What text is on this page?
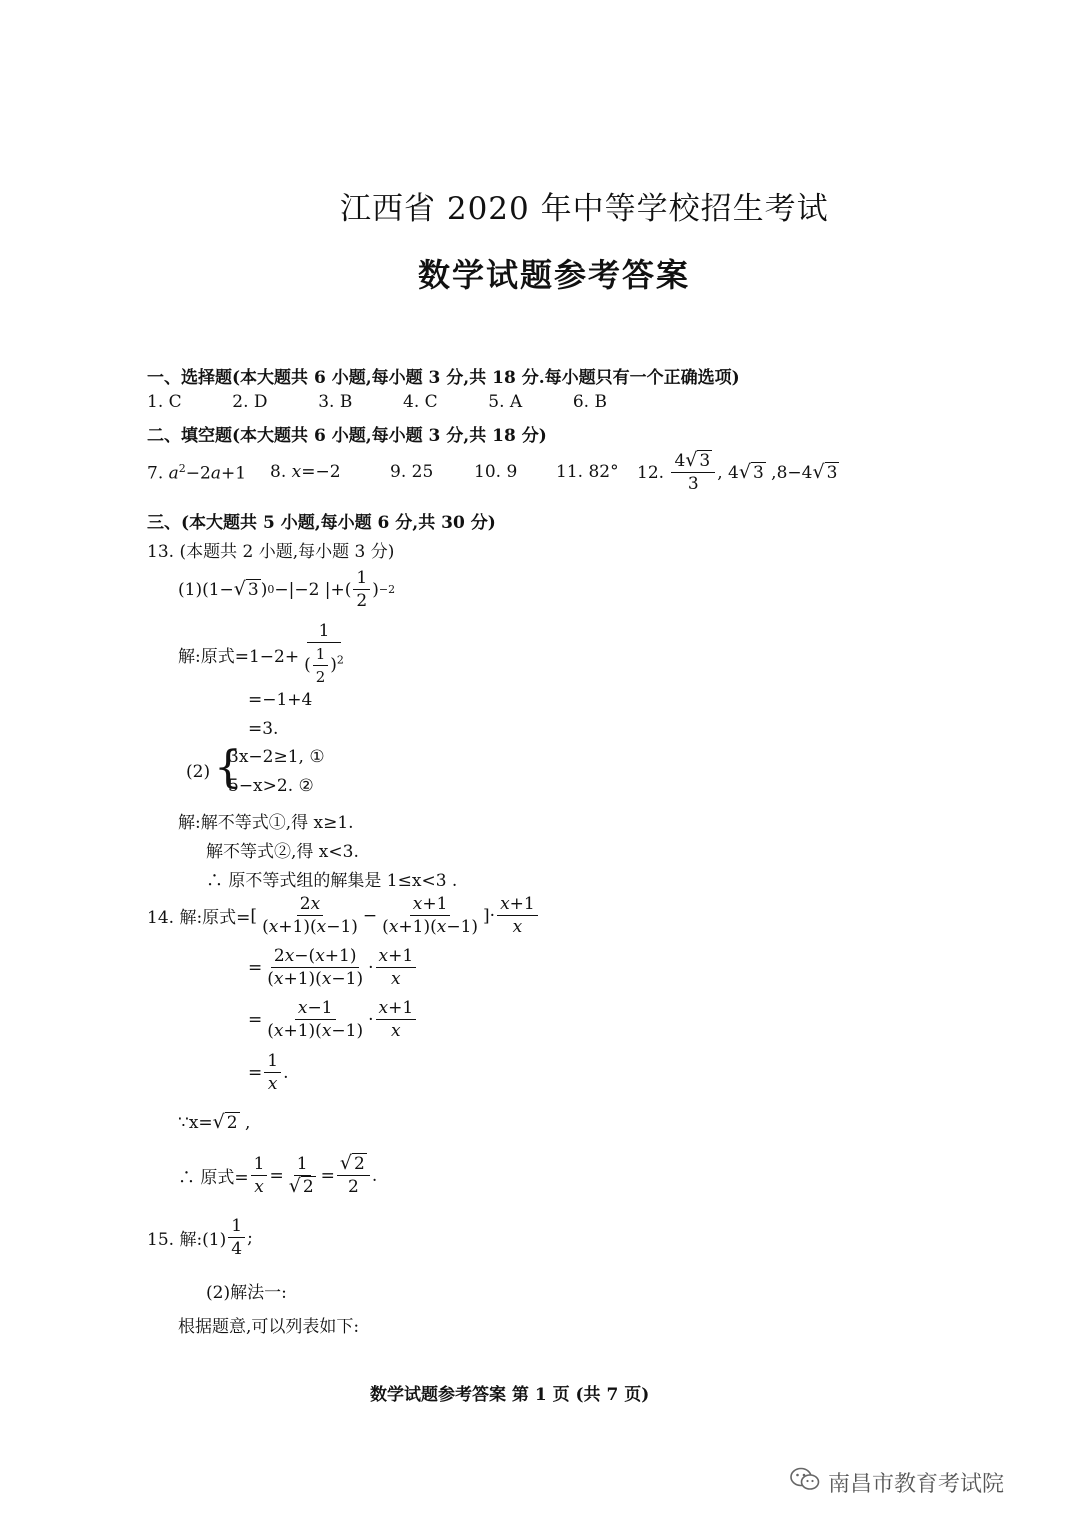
江西省 2020 年中等学校招生考试
数学试题参考答案
一、选择题(本大题共 6 小题,每小题 3 分,共 18 分.每小题只有一个正确选项)
1. C	2. D	3. B	4. C	5. A	6. B
二、填空题(本大题共 6 小题,每小题 3 分,共 18 分)
7. $a^2-2a+1$ 8. x=−2	9. 25 10. 9 11. 82° 12.
$\frac{4 √ 3}{3}$ , 4 √ 3 ,8−4 √ 3
三、(本大题共 5 小题,每小题 6 分,共 30 分)
13. (本题共 2 小题,每小题 3 分)
(1)(1− √ 3 ) 0 −|−2 |+( $\frac{1}{2}$ ) −2
解:原式$=1-2+ \frac{1}{( \frac{1}{2} )^2}$
=−1+4
=3.
(2) {
3x−2≥1, ①
5−x>2. ②
解:解不等式①,得 x≥1.
解不等式②,得 x<3.
∴ 原不等式组的解集是 1≤x<3 .
14. 解:原式= [ $\frac{2x}{(x+1)(x-1)} - \frac{x+1}{(x+1)(x-1)}$ ]· $\frac{x+1}{x}$
= $\frac{2x-(x+1)}{(x+1)(x-1)} \cdot \frac{x+1}{x}$
= $\frac{x-1}{(x+1)(x-1)} \cdot \frac{x+1}{x}$
= $\frac{1}{x}$ .
∵x= √ 2 ,
∴ 原式= $\frac{1}{x} = \frac{1}{√ 2} = \frac{√ 2}{2}$ .
15. 解:(1) $\frac{1}{4}$ ;
(2)解法一:
根据题意,可以列表如下:
数学试题参考答案 第 1 页 (共 7 页)
南昌市教育考试院
